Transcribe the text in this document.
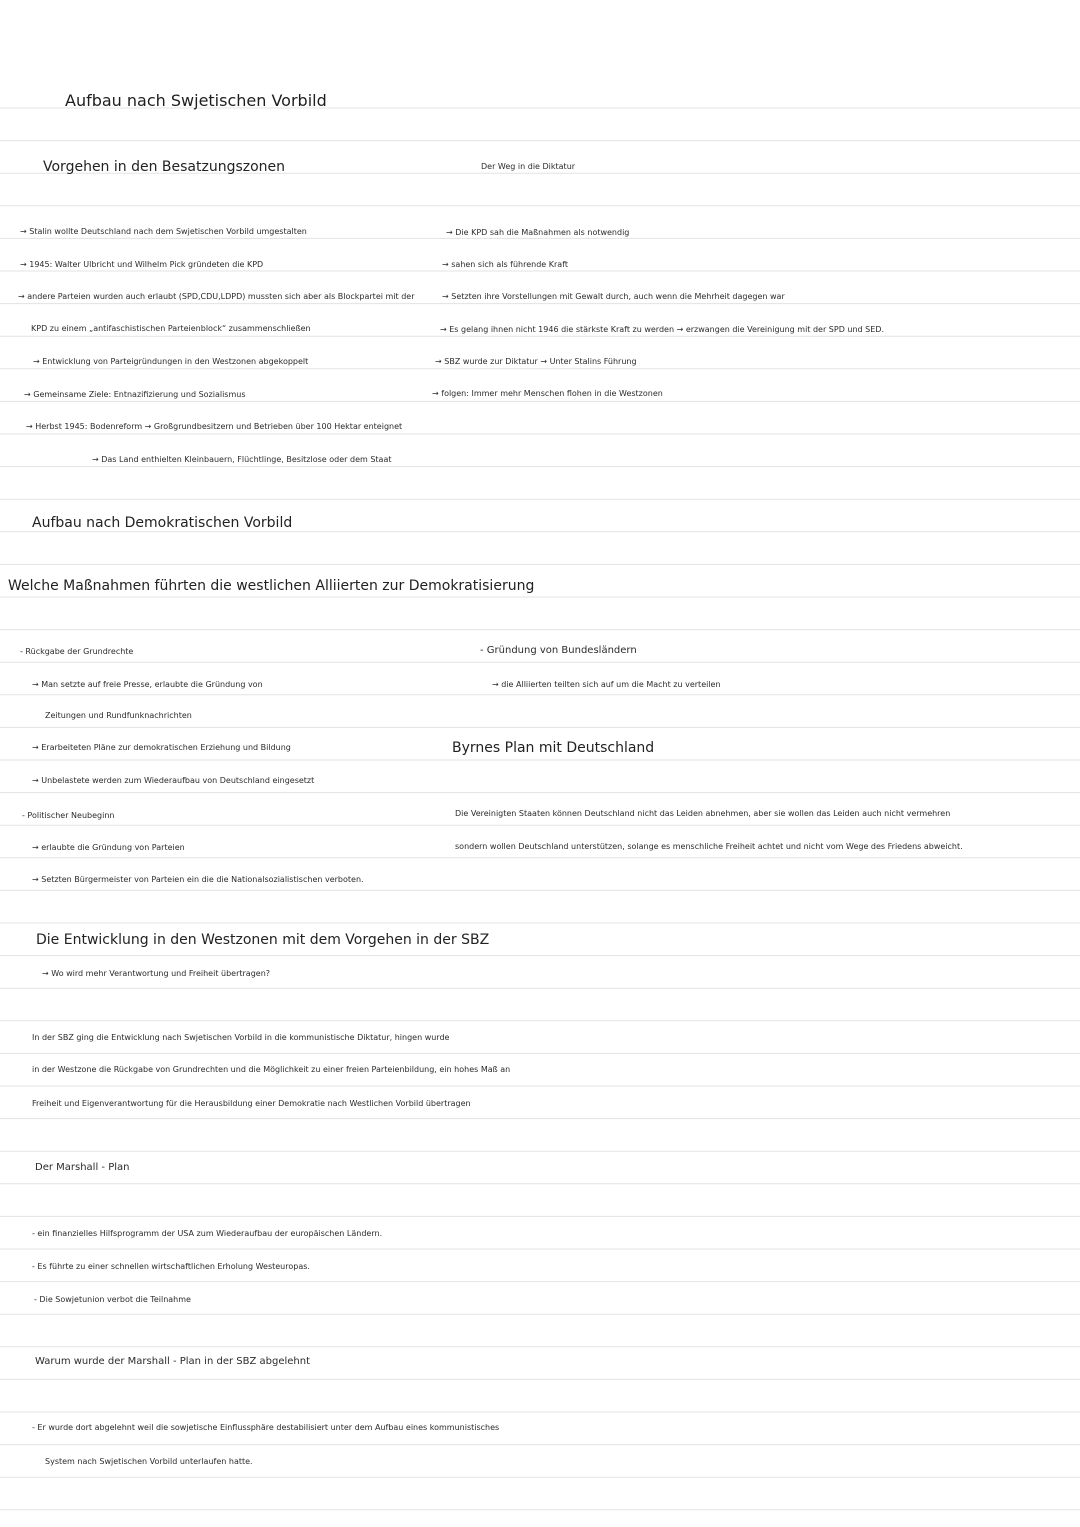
Aufbau nach Swjetischen Vorbild
Vorgehen in den Besatzungszonen	Der Weg in die Diktatur
→ Stalin wollte Deutschland nach dem Swjetischen Vorbild umgestalten
→ 1945: Walter Ulbricht und Wilhelm Pick gründeten die KPD
→ andere Parteien wurden auch erlaubt (SPD,CDU,LDPD) mussten sich aber als Blockpartei mit der
KPD zu einem „antifaschistischen Parteienblock“ zusammenschließen
→ Entwicklung von Parteigründungen in den Westzonen abgekoppelt
→ Gemeinsame Ziele: Entnazifizierung und Sozialismus
→ Herbst 1945: Bodenreform → Großgrundbesitzern und Betrieben über 100 Hektar enteignet
→ Das Land enthielten Kleinbauern, Flüchtlinge, Besitzlose oder dem Staat
→ Die KPD sah die Maßnahmen als notwendig
→ sahen sich als führende Kraft
→ Setzten ihre Vorstellungen mit Gewalt durch, auch wenn die Mehrheit dagegen war
→ Es gelang ihnen nicht 1946 die stärkste Kraft zu werden → erzwangen die Vereinigung mit der SPD und SED.
→ SBZ wurde zur Diktatur → Unter Stalins Führung
→ folgen: Immer mehr Menschen flohen in die Westzonen
Aufbau nach Demokratischen Vorbild
Welche Maßnahmen führten die westlichen Alliierten zur Demokratisierung
- Rückgabe der Grundrechte
→ Man setzte auf freie Presse, erlaubte die Gründung von
Zeitungen und Rundfunknachrichten
→ Erarbeiteten Pläne zur demokratischen Erziehung und Bildung
→ Unbelastete werden zum Wiederaufbau von Deutschland eingesetzt
- Politischer Neubeginn
→ erlaubte die Gründung von Parteien
→ Setzten Bürgermeister von Parteien ein die die Nationalsozialistischen verboten.
- Gründung von Bundesländern
→ die Alliierten teilten sich auf um die Macht zu verteilen
Byrnes Plan mit Deutschland
Die Vereinigten Staaten können Deutschland nicht das Leiden abnehmen, aber sie wollen das Leiden auch nicht vermehren
sondern wollen Deutschland unterstützen, solange es menschliche Freiheit achtet und nicht vom Wege des Friedens abweicht.
Die Entwicklung in den Westzonen mit dem Vorgehen in der SBZ
→ Wo wird mehr Verantwortung und Freiheit übertragen?
In der SBZ ging die Entwicklung nach Swjetischen Vorbild in die kommunistische Diktatur, hingen wurde
in der Westzone die Rückgabe von Grundrechten und die Möglichkeit zu einer freien Parteienbildung, ein hohes Maß an
Freiheit und Eigenverantwortung für die Herausbildung einer Demokratie nach Westlichen Vorbild übertragen
Der Marshall - Plan
- ein finanzielles Hilfsprogramm der USA zum Wiederaufbau der europäischen Ländern.
- Es führte zu einer schnellen wirtschaftlichen Erholung Westeuropas.
- Die Sowjetunion verbot die Teilnahme
Warum wurde der Marshall - Plan in der SBZ abgelehnt
- Er wurde dort abgelehnt weil die sowjetische Einflussphäre destabilisiert unter dem Aufbau eines kommunistisches
System nach Swjetischen Vorbild unterlaufen hatte.
